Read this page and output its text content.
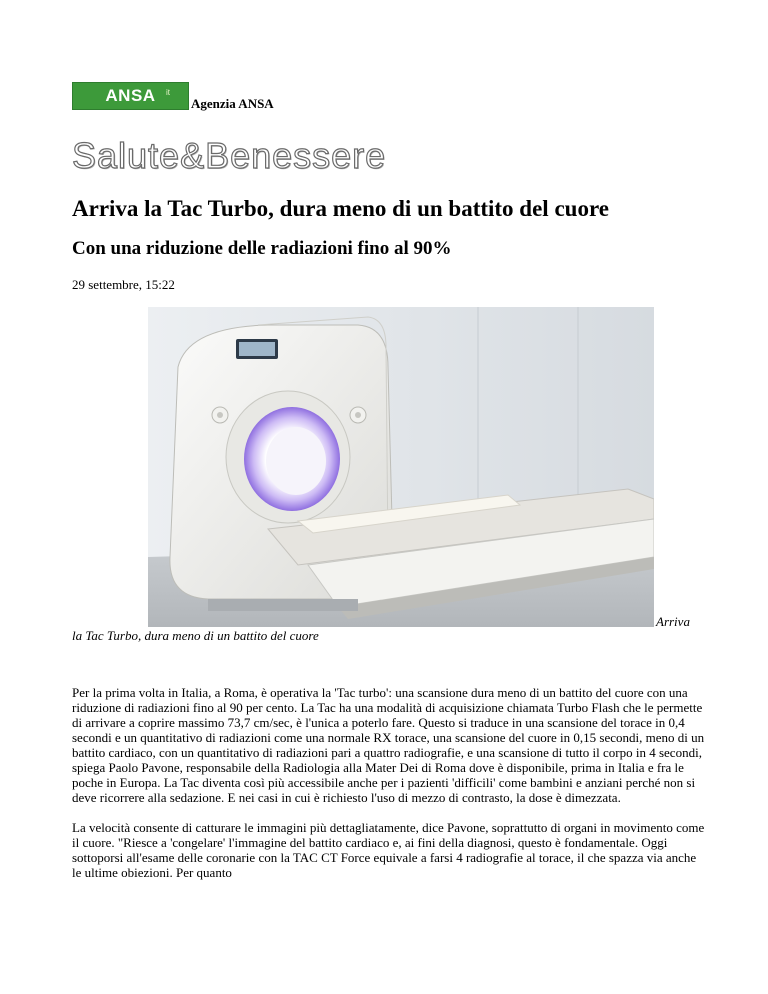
ANSA it
Agenzia ANSA
Salute&Benessere
Arriva la Tac Turbo, dura meno di un battito del cuore
Con una riduzione delle radiazioni fino al 90%
29 settembre, 15:22
Arriva
la Tac Turbo, dura meno di un battito del cuore

Per la prima volta in Italia, a Roma, è operativa la 'Tac turbo': una scansione dura meno di un battito del cuore con una riduzione di radiazioni fino al 90 per cento. La Tac ha una modalità di acquisizione chiamata Turbo Flash che le permette di arrivare a coprire massimo 73,7 cm/sec, è l'unica a poterlo fare. Questo si traduce in una scansione del torace in 0,4 secondi e un quantitativo di radiazioni come una normale RX torace, una scansione del cuore in 0,15 secondi, meno di un battito cardiaco, con un quantitativo di radiazioni pari a quattro radiografie, e una scansione di tutto il corpo in 4 secondi, spiega Paolo Pavone, responsabile della Radiologia alla Mater Dei di Roma dove è disponibile, prima in Italia e fra le poche in Europa. La Tac diventa così più accessibile anche per i pazienti 'difficili' come bambini e anziani perché non si deve ricorrere alla sedazione. E nei casi in cui è richiesto l'uso di mezzo di contrasto, la dose è dimezzata.

La velocità consente di catturare le immagini più dettagliatamente, dice Pavone, soprattutto di organi in movimento come il cuore. "Riesce a 'congelare' l'immagine del battito cardiaco e, ai fini della diagnosi, questo è fondamentale. Oggi sottoporsi all'esame delle coronarie con la TAC CT Force equivale a farsi 4 radiografie al torace, il che spazza via anche le ultime obiezioni. Per quanto
